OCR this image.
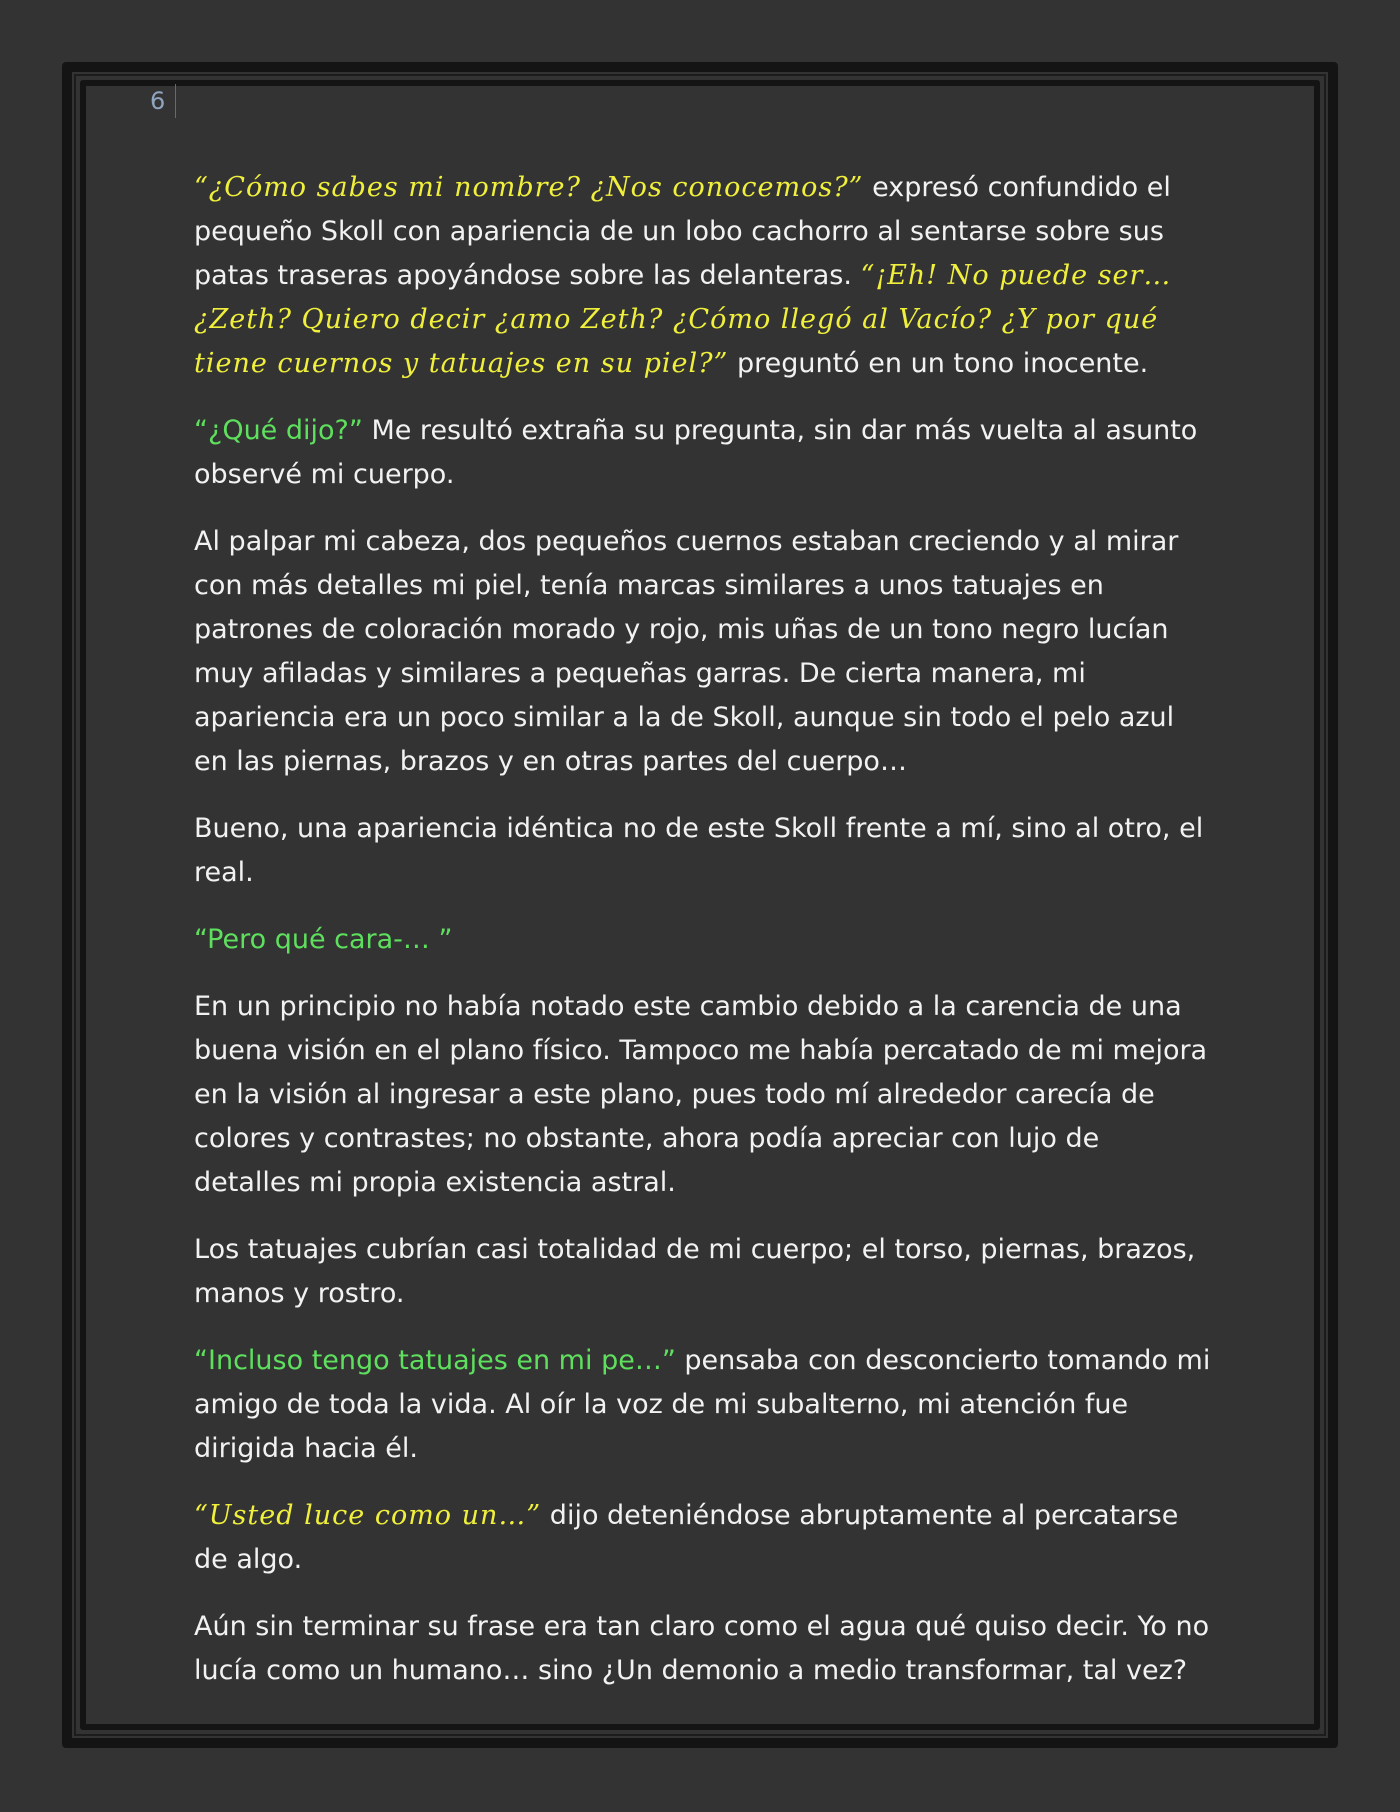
6

“¿Cómo sabes mi nombre? ¿Nos conocemos?” expresó confundido el pequeño Skoll con apariencia de un lobo cachorro al sentarse sobre sus patas traseras apoyándose sobre las delanteras. “¡Eh! No puede ser… ¿Zeth? Quiero decir ¿amo Zeth? ¿Cómo llegó al Vacío? ¿Y por qué tiene cuernos y tatuajes en su piel?” preguntó en un tono inocente.

“¿Qué dijo?” Me resultó extraña su pregunta, sin dar más vuelta al asunto observé mi cuerpo.

Al palpar mi cabeza, dos pequeños cuernos estaban creciendo y al mirar con más detalles mi piel, tenía marcas similares a unos tatuajes en patrones de coloración morado y rojo, mis uñas de un tono negro lucían muy afiladas y similares a pequeñas garras. De cierta manera, mi apariencia era un poco similar a la de Skoll, aunque sin todo el pelo azul en las piernas, brazos y en otras partes del cuerpo…

Bueno, una apariencia idéntica no de este Skoll frente a mí, sino al otro, el real.

“Pero qué cara-… ”

En un principio no había notado este cambio debido a la carencia de una buena visión en el plano físico. Tampoco me había percatado de mi mejora en la visión al ingresar a este plano, pues todo mí alrededor carecía de colores y contrastes; no obstante, ahora podía apreciar con lujo de detalles mi propia existencia astral.

Los tatuajes cubrían casi totalidad de mi cuerpo; el torso, piernas, brazos, manos y rostro.

“Incluso tengo tatuajes en mi pe…” pensaba con desconcierto tomando mi amigo de toda la vida. Al oír la voz de mi subalterno, mi atención fue dirigida hacia él.

“Usted luce como un…” dijo deteniéndose abruptamente al percatarse de algo.

Aún sin terminar su frase era tan claro como el agua qué quiso decir. Yo no lucía como un humano… sino ¿Un demonio a medio transformar, tal vez?
